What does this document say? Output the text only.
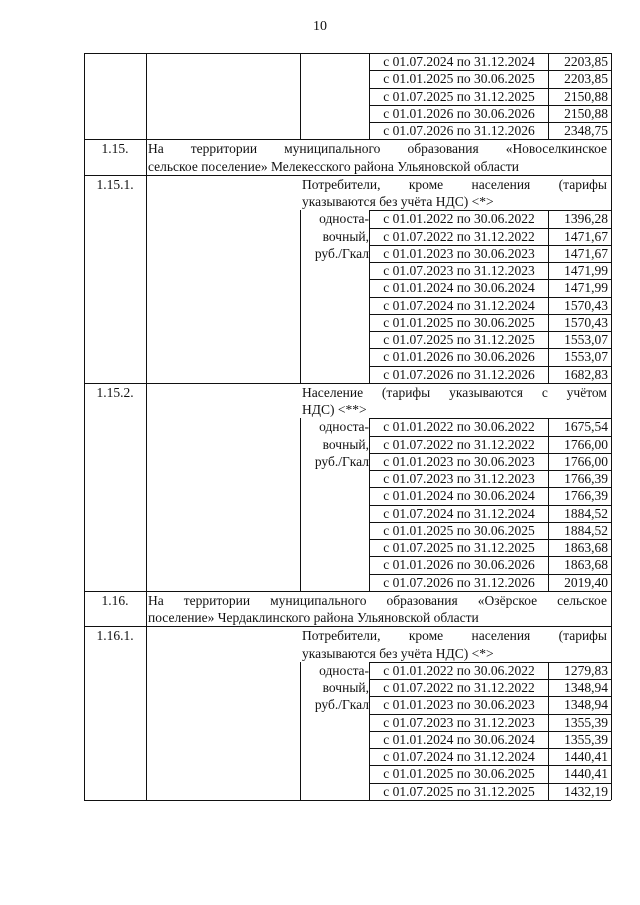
10
с 01.07.2024 по 31.12.2024	2203,85
с 01.01.2025 по 30.06.2025	2203,85
с 01.07.2025 по 31.12.2025	2150,88
с 01.01.2026 по 30.06.2026	2150,88
с 01.07.2026 по 31.12.2026	2348,75
1.15.	На территории муниципального образования «Новоселкинское
сельское поселение» Мелекесского района Ульяновской области
1.15.1.	Потребители, кроме населения (тарифы
указываются без учёта НДС) <*>
одностa-
вочный,
руб./Гкал
с 01.01.2022 по 30.06.2022	1396,28
с 01.07.2022 по 31.12.2022	1471,67
с 01.01.2023 по 30.06.2023	1471,67
с 01.07.2023 по 31.12.2023	1471,99
с 01.01.2024 по 30.06.2024	1471,99
с 01.07.2024 по 31.12.2024	1570,43
с 01.01.2025 по 30.06.2025	1570,43
с 01.07.2025 по 31.12.2025	1553,07
с 01.01.2026 по 30.06.2026	1553,07
с 01.07.2026 по 31.12.2026	1682,83
1.15.2.	Население (тарифы указываются с учётом
НДС) <**>
одностa-
вочный,
руб./Гкал
с 01.01.2022 по 30.06.2022	1675,54
с 01.07.2022 по 31.12.2022	1766,00
с 01.01.2023 по 30.06.2023	1766,00
с 01.07.2023 по 31.12.2023	1766,39
с 01.01.2024 по 30.06.2024	1766,39
с 01.07.2024 по 31.12.2024	1884,52
с 01.01.2025 по 30.06.2025	1884,52
с 01.07.2025 по 31.12.2025	1863,68
с 01.01.2026 по 30.06.2026	1863,68
с 01.07.2026 по 31.12.2026	2019,40
1.16.	На территории муниципального образования «Озёрское сельское
поселение» Чердаклинского района Ульяновской области
1.16.1.	Потребители, кроме населения (тарифы
указываются без учёта НДС) <*>
одностa-
вочный,
руб./Гкал
с 01.01.2022 по 30.06.2022	1279,83
с 01.07.2022 по 31.12.2022	1348,94
с 01.01.2023 по 30.06.2023	1348,94
с 01.07.2023 по 31.12.2023	1355,39
с 01.01.2024 по 30.06.2024	1355,39
с 01.07.2024 по 31.12.2024	1440,41
с 01.01.2025 по 30.06.2025	1440,41
с 01.07.2025 по 31.12.2025	1432,19
